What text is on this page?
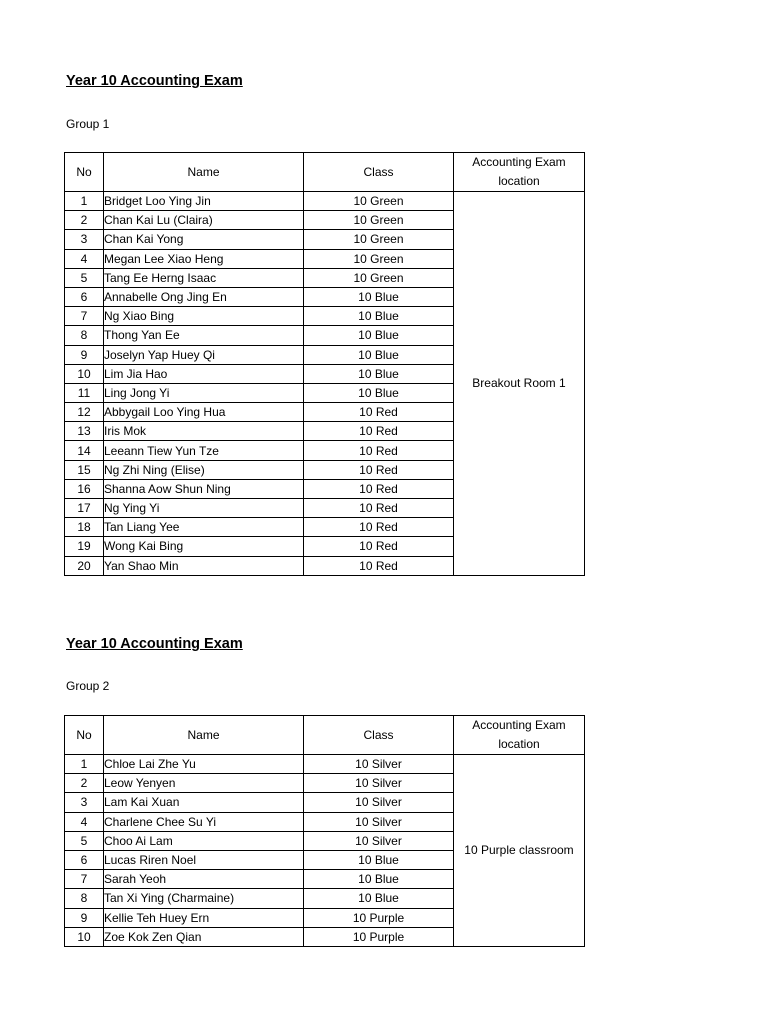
Year 10 Accounting Exam
Group 1
No	Name	Class	Accounting Exam
location
1	Bridget Loo Ying Jin	10 Green	Breakout Room 1
2	Chan Kai Lu (Claira)	10 Green	
3	Chan Kai Yong	10 Green	
4	Megan Lee Xiao Heng	10 Green	
5	Tang Ee Herng Isaac	10 Green	
6	Annabelle Ong Jing En	10 Blue	
7	Ng Xiao Bing	10 Blue	
8	Thong Yan Ee	10 Blue	
9	Joselyn Yap Huey Qi	10 Blue	
10	Lim Jia Hao	10 Blue	
11	Ling Jong Yi	10 Blue	
12	Abbygail Loo Ying Hua	10 Red	
13	Iris Mok	10 Red	
14	Leeann Tiew Yun Tze	10 Red	
15	Ng Zhi Ning (Elise)	10 Red	
16	Shanna Aow Shun Ning	10 Red	
17	Ng Ying Yi	10 Red	
18	Tan Liang Yee	10 Red	
19	Wong Kai Bing	10 Red	
20	Yan Shao Min	10 Red	
Year 10 Accounting Exam
Group 2
No	Name	Class	Accounting Exam
location
1	Chloe Lai Zhe Yu	10 Silver	10 Purple classroom
2	Leow Yenyen	10 Silver	
3	Lam Kai Xuan	10 Silver	
4	Charlene Chee Su Yi	10 Silver	
5	Choo Ai Lam	10 Silver	
6	Lucas Riren Noel	10 Blue	
7	Sarah Yeoh	10 Blue	
8	Tan Xi Ying (Charmaine)	10 Blue	
9	Kellie Teh Huey Ern	10 Purple	
10	Zoe Kok Zen Qian	10 Purple	
